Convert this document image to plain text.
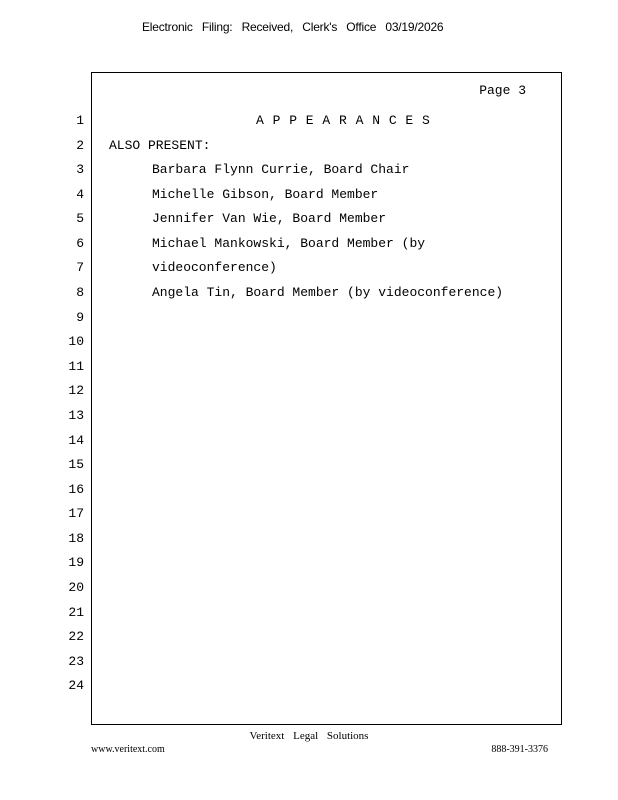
Electronic Filing: Received, Clerk's Office 03/19/2026
1
2
3
4
5
6
7
8
9
10
11
12
13
14
15
16
17
18
19
20
21
22
23
24
Page 3
A P P E A R A N C E S
ALSO PRESENT:
Barbara Flynn Currie, Board Chair
Michelle Gibson, Board Member
Jennifer Van Wie, Board Member
Michael Mankowski, Board Member (by
videoconference)
Angela Tin, Board Member (by videoconference)
Veritext Legal Solutions
www.veritext.com	888-391-3376
